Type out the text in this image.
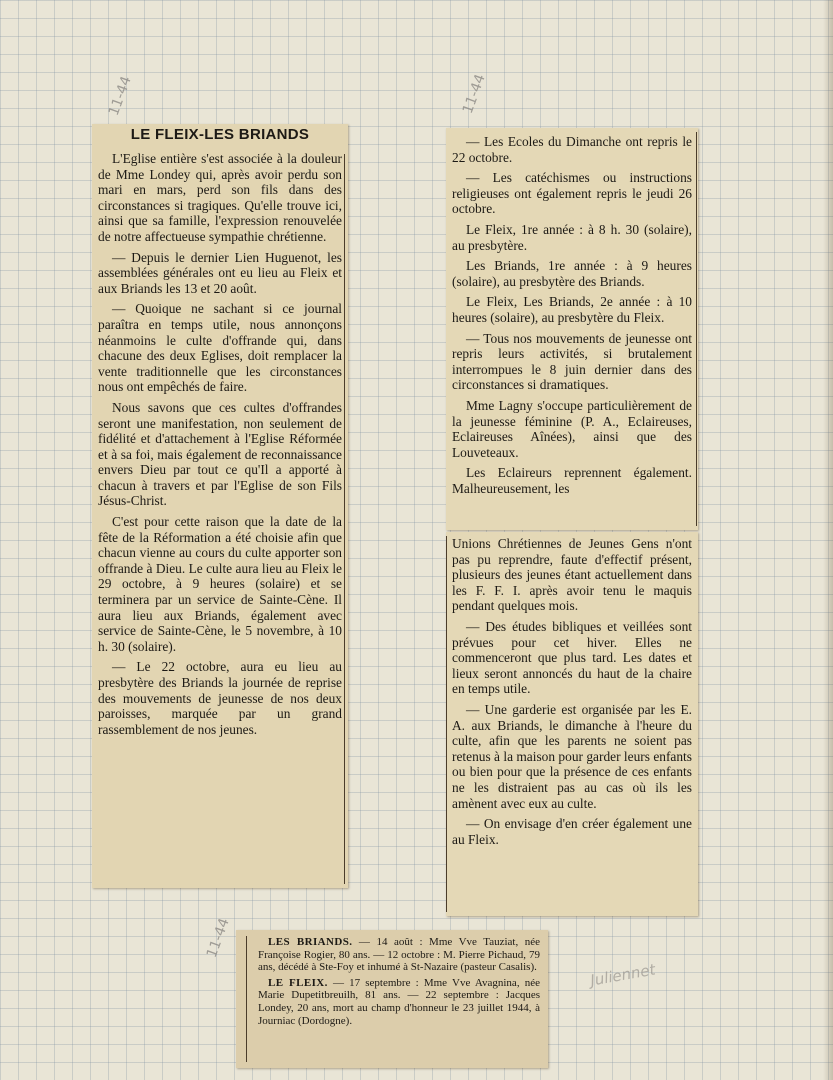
11-44	11-44
11-44
Juliennet
LE FLEIX-LES BRIANDS

L'Eglise entière s'est associée à la douleur de Mme Londey qui, après avoir perdu son mari en mars, perd son fils dans des circonstances si tragiques. Qu'elle trouve ici, ainsi que sa famille, l'expression renouvelée de notre affectueuse sympathie chrétienne.

— Depuis le dernier Lien Huguenot, les assemblées générales ont eu lieu au Fleix et aux Briands les 13 et 20 août.

— Quoique ne sachant si ce journal paraîtra en temps utile, nous annonçons néanmoins le culte d'offrande qui, dans chacune des deux Eglises, doit remplacer la vente traditionnelle que les circonstances nous ont empêchés de faire.

Nous savons que ces cultes d'offrandes seront une manifestation, non seulement de fidélité et d'attachement à l'Eglise Réformée et à sa foi, mais également de reconnaissance envers Dieu par tout ce qu'Il a apporté à chacun à travers et par l'Eglise de son Fils Jésus-Christ.

C'est pour cette raison que la date de la fête de la Réformation a été choisie afin que chacun vienne au cours du culte apporter son offrande à Dieu. Le culte aura lieu au Fleix le 29 octobre, à 9 heures (solaire) et se terminera par un service de Sainte-Cène. Il aura lieu aux Briands, également avec service de Sainte-Cène, le 5 novembre, à 10 h. 30 (solaire).

— Le 22 octobre, aura eu lieu au presbytère des Briands la journée de reprise des mouvements de jeunesse de nos deux paroisses, marquée par un grand rassemblement de nos jeunes.

— Les Ecoles du Dimanche ont repris le 22 octobre.

— Les catéchismes ou instructions religieuses ont également repris le jeudi 26 octobre.

Le Fleix, 1re année : à 8 h. 30 (solaire), au presbytère.

Les Briands, 1re année : à 9 heures (solaire), au presbytère des Briands.

Le Fleix, Les Briands, 2e année : à 10 heures (solaire), au presbytère du Fleix.

— Tous nos mouvements de jeunesse ont repris leurs activités, si brutalement interrompues le 8 juin dernier dans des circonstances si dramatiques.

Mme Lagny s'occupe particulièrement de la jeunesse féminine (P. A., Eclaireuses, Eclaireuses Aînées), ainsi que des Louveteaux.

Les Eclaireurs reprennent également. Malheureusement, les

Unions Chrétiennes de Jeunes Gens n'ont pas pu reprendre, faute d'effectif présent, plusieurs des jeunes étant actuellement dans les F. F. I. après avoir tenu le maquis pendant quelques mois.

— Des études bibliques et veillées sont prévues pour cet hiver. Elles ne commenceront que plus tard. Les dates et lieux seront annoncés du haut de la chaire en temps utile.

— Une garderie est organisée par les E. A. aux Briands, le dimanche à l'heure du culte, afin que les parents ne soient pas retenus à la maison pour garder leurs enfants ou bien pour que la présence de ces enfants ne les distraient pas au cas où ils les amènent avec eux au culte.

— On envisage d'en créer également une au Fleix.

LES BRIANDS. — 14 août : Mme Vve Tauziat, née Françoise Rogier, 80 ans. — 12 octobre : M. Pierre Pichaud, 79 ans, décédé à Ste-Foy et inhumé à St-Nazaire (pasteur Casalis).

LE FLEIX. — 17 septembre : Mme Vve Avagnina, née Marie Dupetitbreuilh, 81 ans. — 22 septembre : Jacques Londey, 20 ans, mort au champ d'honneur le 23 juillet 1944, à Journiac (Dordogne).
